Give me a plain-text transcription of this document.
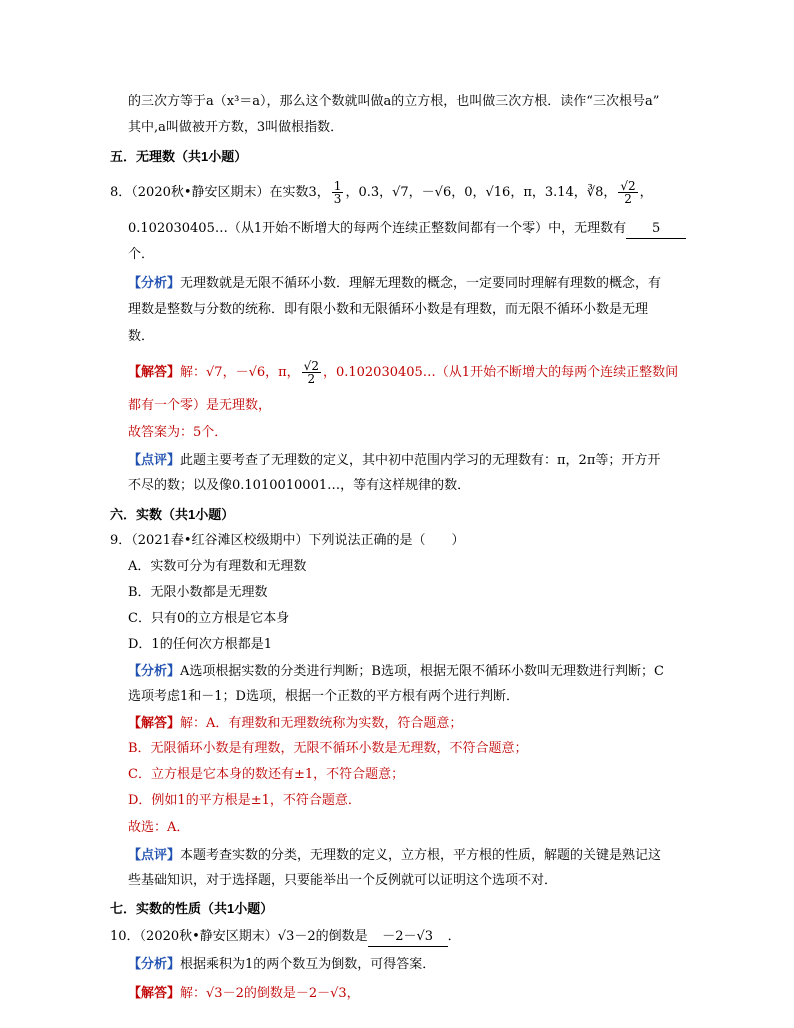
的三次方等于a（x³＝a），那么这个数就叫做a的立方根，也叫做三次方根．读作“三次根号a”
其中,a叫做被开方数，3叫做根指数．
五．无理数（共1小题）
8．（2020秋•静安区期末）在实数3， $\frac{1}{3}$ ，0.3̇，√7，－√6，0，√16，π，3.14，∛8， $\frac{√2}{2}$ ，
0.102030405…（从1开始不断增大的每两个连续正整数间都有一个零）中，无理数有 5
个．
【分析】无理数就是无限不循环小数．理解无理数的概念，一定要同时理解有理数的概念，有
理数是整数与分数的统称．即有限小数和无限循环小数是有理数，而无限不循环小数是无理
数．
【解答】解：√7，－√6，π， $\frac{√2}{2}$ ，0.102030405…（从1开始不断增大的每两个连续正整数间
都有一个零）是无理数，
故答案为：5个．
【点评】此题主要考查了无理数的定义，其中初中范围内学习的无理数有：π，2π等；开方开
不尽的数；以及像0.1010010001…，等有这样规律的数．
六．实数（共1小题）
9．（2021春•红谷滩区校级期中）下列说法正确的是（　　）
A．实数可分为有理数和无理数
B．无限小数都是无理数
C．只有0的立方根是它本身
D．1的任何次方根都是1
【分析】A选项根据实数的分类进行判断；B选项，根据无限不循环小数叫无理数进行判断；C
选项考虑1和－1；D选项，根据一个正数的平方根有两个进行判断．
【解答】解：A．有理数和无理数统称为实数，符合题意；
B．无限循环小数是有理数，无限不循环小数是无理数，不符合题意；
C．立方根是它本身的数还有±1，不符合题意；
D．例如1的平方根是±1，不符合题意．
故选：A．
【点评】本题考查实数的分类，无理数的定义，立方根，平方根的性质，解题的关键是熟记这
些基础知识，对于选择题，只要能举出一个反例就可以证明这个选项不对．
七．实数的性质（共1小题）
10．（2020秋•静安区期末）√3－2的倒数是 －2－√3 ．
【分析】根据乘积为1的两个数互为倒数，可得答案．
【解答】解：√3－2的倒数是－2－√3，
